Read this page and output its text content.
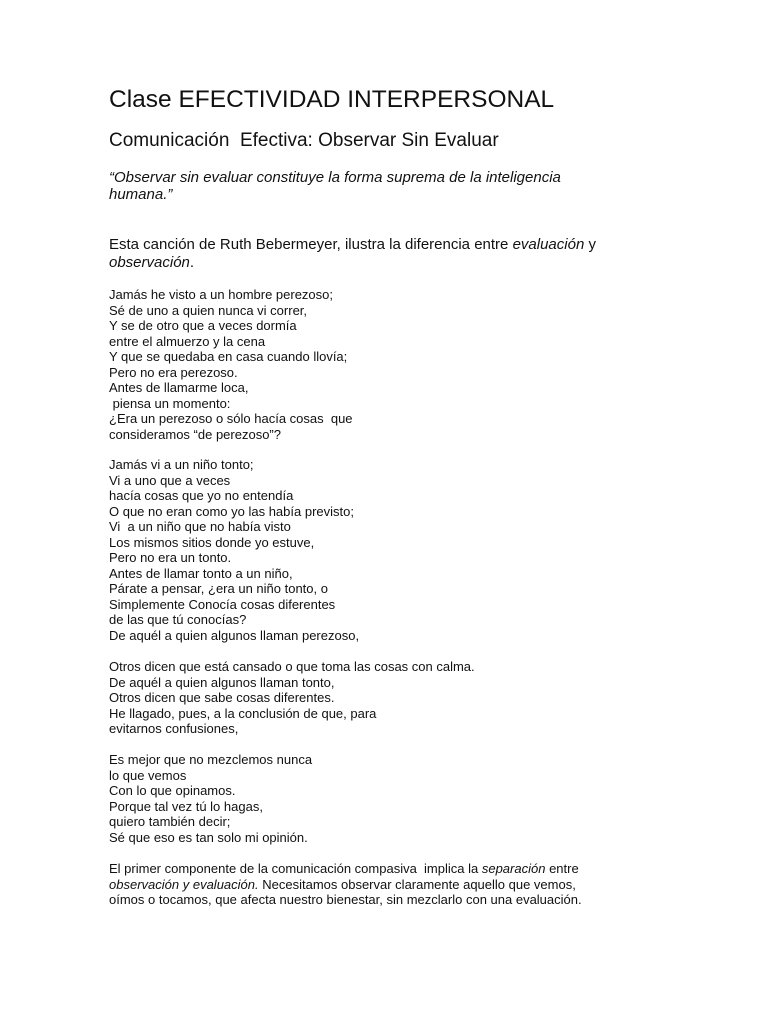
Clase EFECTIVIDAD INTERPERSONAL
Comunicación  Efectiva: Observar Sin Evaluar

“Observar sin evaluar constituye la forma suprema de la inteligencia
humana.”

Esta canción de Ruth Bebermeyer, ilustra la diferencia entre evaluación y
observación.

Jamás he visto a un hombre perezoso;
Sé de uno a quien nunca vi correr,
Y se de otro que a veces dormía
entre el almuerzo y la cena
Y que se quedaba en casa cuando llovía;
Pero no era perezoso.
Antes de llamarme loca,
piensa un momento:
¿Era un perezoso o sólo hacía cosas  que
consideramos “de perezoso”?
Jamás vi a un niño tonto;
Vi a uno que a veces
hacía cosas que yo no entendía
O que no eran como yo las había previsto;
Vi  a un niño que no había visto
Los mismos sitios donde yo estuve,
Pero no era un tonto.
Antes de llamar tonto a un niño,
Párate a pensar, ¿era un niño tonto, o
Simplemente Conocía cosas diferentes
de las que tú conocías?
De aquél a quien algunos llaman perezoso,
Otros dicen que está cansado o que toma las cosas con calma.
De aquél a quien algunos llaman tonto,
Otros dicen que sabe cosas diferentes.
He llagado, pues, a la conclusión de que, para
evitarnos confusiones,
Es mejor que no mezclemos nunca
lo que vemos
Con lo que opinamos.
Porque tal vez tú lo hagas,
quiero también decir;
Sé que eso es tan solo mi opinión.

El primer componente de la comunicación compasiva  implica la separación entre
observación y evaluación. Necesitamos observar claramente aquello que vemos,
oímos o tocamos, que afecta nuestro bienestar, sin mezclarlo con una evaluación.
